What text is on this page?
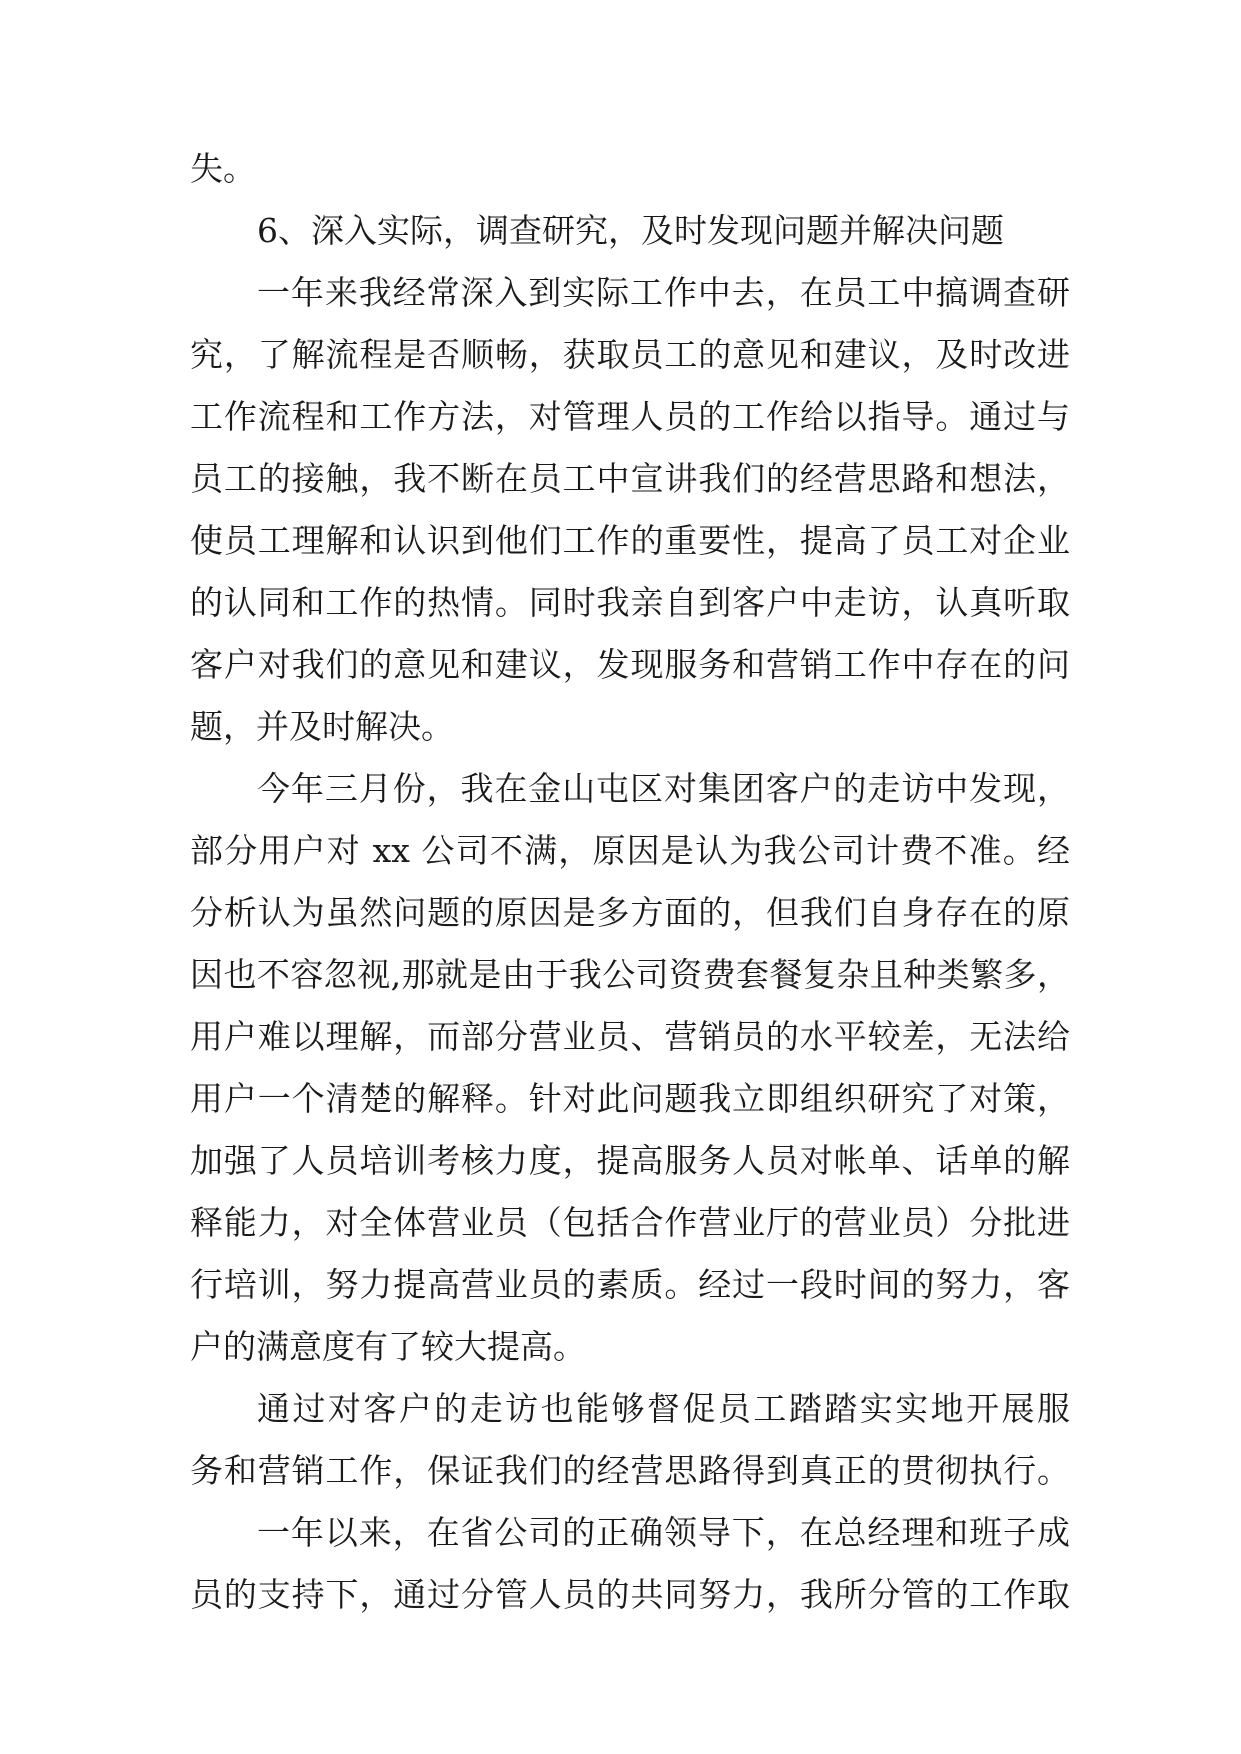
失。
6、深入实际，调查研究，及时发现问题并解决问题
一年来我经常深入到实际工作中去，在员工中搞调查研
究，了解流程是否顺畅，获取员工的意见和建议，及时改进
工作流程和工作方法，对管理人员的工作给以指导。通过与
员工的接触，我不断在员工中宣讲我们的经营思路和想法，
使员工理解和认识到他们工作的重要性，提高了员工对企业
的认同和工作的热情。同时我亲自到客户中走访，认真听取
客户对我们的意见和建议，发现服务和营销工作中存在的问
题，并及时解决。
今年三月份，我在金山屯区对集团客户的走访中发现，
部分用户对 xx 公司不满，原因是认为我公司计费不准。经
分析认为虽然问题的原因是多方面的，但我们自身存在的原
因也不容忽视,那就是由于我公司资费套餐复杂且种类繁多，
用户难以理解，而部分营业员、营销员的水平较差，无法给
用户一个清楚的解释。针对此问题我立即组织研究了对策，
加强了人员培训考核力度，提高服务人员对帐单、话单的解
释能力，对全体营业员（包括合作营业厅的营业员）分批进
行培训，努力提高营业员的素质。经过一段时间的努力，客
户的满意度有了较大提高。
通过对客户的走访也能够督促员工踏踏实实地开展服
务和营销工作，保证我们的经营思路得到真正的贯彻执行。
一年以来，在省公司的正确领导下，在总经理和班子成
员的支持下，通过分管人员的共同努力，我所分管的工作取
